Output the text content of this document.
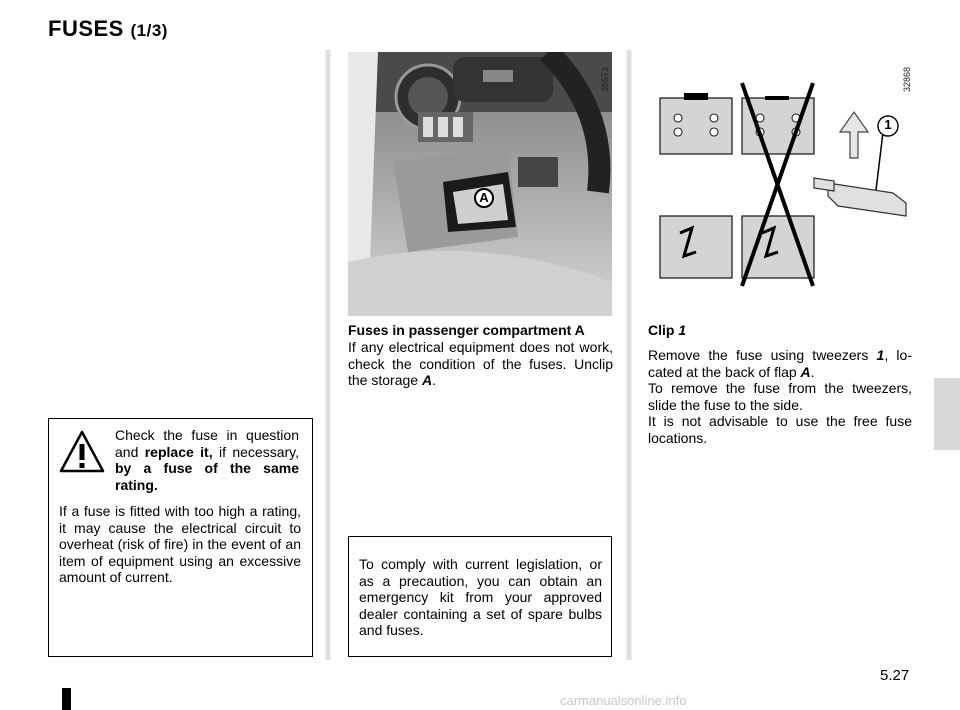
FUSES (1/3)
A
36573
1
32868
Check the fuse in question and replace it, if necessary, by a fuse of the same rating.
If a fuse is fitted with too high a rating, it may cause the electrical circuit to overheat (risk of fire) in the event of an item of equipment using an excessive amount of current.
Fuses in passenger compartment A
If any electrical equipment does not work, check the condition of the fuses. Unclip the storage A.
To comply with current legislation, or as a precaution, you can obtain an emergency kit from your approved dealer containing a set of spare bulbs and fuses.
Clip 1
Remove the fuse using tweezers 1, located at the back of flap A.
To remove the fuse from the tweezers, slide the fuse to the side.
It is not advisable to use the free fuse locations.
5.27
carmanualsonline.info
